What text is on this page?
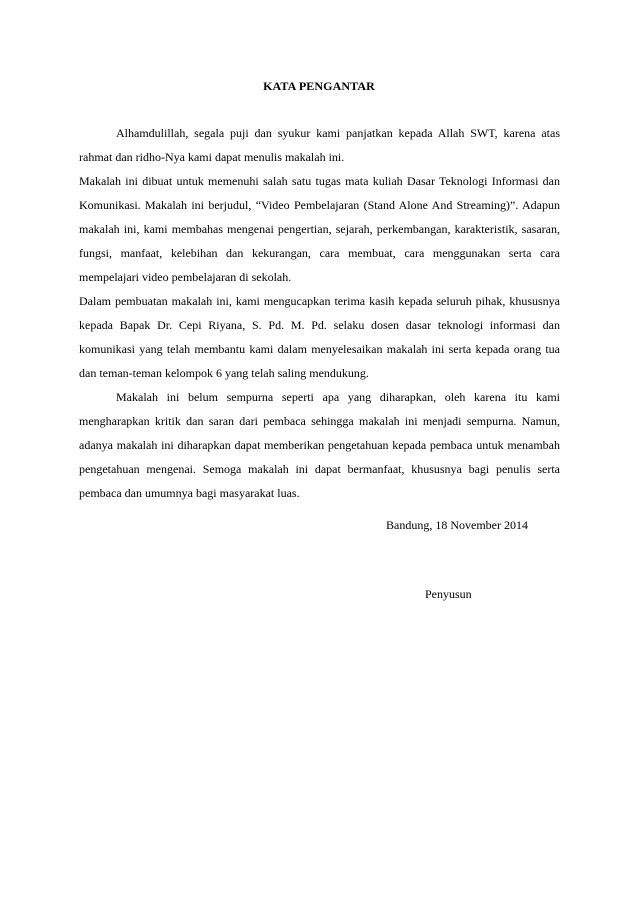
KATA PENGANTAR

Alhamdulillah, segala puji dan syukur kami panjatkan kepada Allah SWT, karena atas rahmat dan ridho-Nya kami dapat menulis makalah ini.

Makalah ini dibuat untuk memenuhi salah satu tugas mata kuliah Dasar Teknologi Informasi dan Komunikasi. Makalah ini berjudul, “Video Pembelajaran (Stand Alone And Streaming)”. Adapun makalah ini, kami membahas mengenai pengertian, sejarah, perkembangan, karakteristik, sasaran, fungsi, manfaat, kelebihan dan kekurangan, cara membuat, cara menggunakan serta cara mempelajari video pembelajaran di sekolah.

Dalam pembuatan makalah ini, kami mengucapkan terima kasih kepada seluruh pihak, khususnya kepada Bapak Dr. Cepi Riyana, S. Pd. M. Pd. selaku dosen dasar teknologi informasi dan komunikasi yang telah membantu kami dalam menyelesaikan makalah ini serta kepada orang tua dan teman-teman kelompok 6 yang telah saling mendukung.

Makalah ini belum sempurna seperti apa yang diharapkan, oleh karena itu kami mengharapkan kritik dan saran dari pembaca sehingga makalah ini menjadi sempurna. Namun, adanya makalah ini diharapkan dapat memberikan pengetahuan kepada pembaca untuk menambah pengetahuan mengenai. Semoga makalah ini dapat bermanfaat, khususnya bagi penulis serta pembaca dan umumnya bagi masyarakat luas.

Bandung, 18 November 2014
Penyusun
